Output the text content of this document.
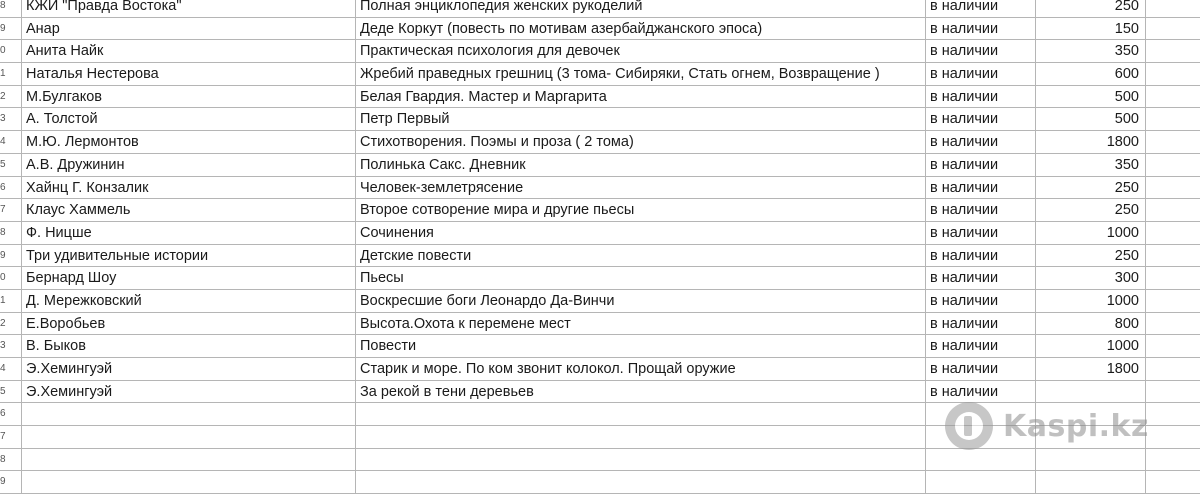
8	КЖИ "Правда Востока"	Полная энциклопедия женских рукоделий	в наличии	250
9	Анар	Деде Коркут (повесть по мотивам азербайджанского эпоса)	в наличии	150
0	Анита Найк	Практическая психология для девочек	в наличии	350
1	Наталья Нестерова	Жребий праведных грешниц (3 тома- Сибиряки, Стать огнем, Возвращение )	в наличии	600
2	М.Булгаков	Белая Гвардия. Мастер и Маргарита	в наличии	500
3	А. Толстой	Петр Первый	в наличии	500
4	М.Ю. Лермонтов	Стихотворения. Поэмы и проза ( 2 тома)	в наличии	1800
5	А.В. Дружинин	Полинька Сакс. Дневник	в наличии	350
6	Хайнц Г. Конзалик	Человек-землетрясение	в наличии	250
7	Клаус Хаммель	Второе сотворение мира и другие пьесы	в наличии	250
8	Ф. Ницше	Сочинения	в наличии	1000
9	Три удивительные истории	Детские повести	в наличии	250
0	Бернард Шоу	Пьесы	в наличии	300
1	Д. Мережковский	Воскресшие боги Леонардо Да-Винчи	в наличии	1000
2	Е.Воробьев	Высота.Охота к перемене мест	в наличии	800
3	В. Быков	Повести	в наличии	1000
4	Э.Хемингуэй	Старик и море. По ком звонит колокол. Прощай оружие	в наличии	1800
5	Э.Хемингуэй	За рекой в тени деревьев	в наличии
6
7
8
9
Kaspi.kz
